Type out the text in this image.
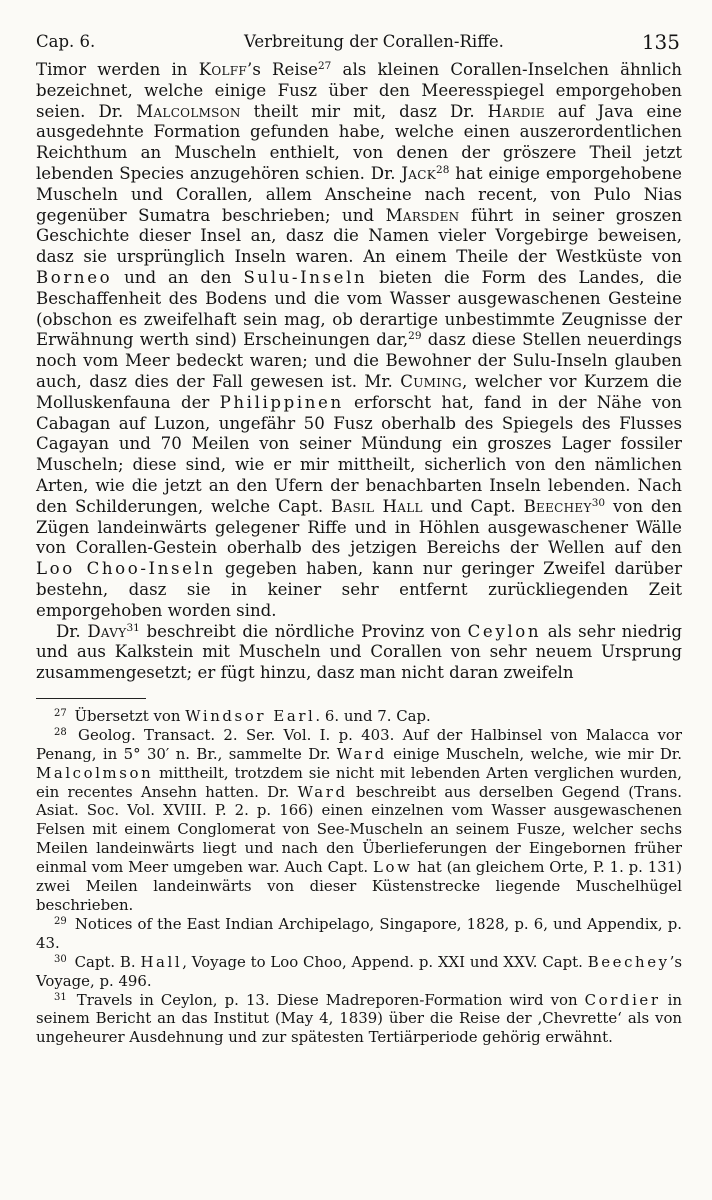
Cap. 6.	Verbreitung der Corallen-Riffe.	135

Timor werden in Kolff’s Reise$^{27}$ als kleinen Corallen-Inselchen ähnlich bezeichnet, welche einige Fusz über den Meeresspiegel emporgehoben seien. Dr. Malcolmson theilt mir mit, dasz Dr. Hardie auf Java eine ausgedehnte Formation gefunden habe, welche einen auszerordentlichen Reichthum an Muscheln enthielt, von denen der gröszere Theil jetzt lebenden Species anzugehören schien. Dr. Jack$^{28}$ hat einige emporgehobene Muscheln und Corallen, allem Anscheine nach recent, von Pulo Nias gegenüber Sumatra beschrieben; und Marsden führt in seiner groszen Geschichte dieser Insel an, dasz die Namen vieler Vorgebirge beweisen, dasz sie ursprünglich Inseln waren. An einem Theile der Westküste von Borneo und an den Sulu-Inseln bieten die Form des Landes, die Beschaffenheit des Bodens und die vom Wasser ausgewaschenen Gesteine (obschon es zweifelhaft sein mag, ob derartige unbestimmte Zeugnisse der Erwähnung werth sind) Erscheinungen dar,$^{29}$ dasz diese Stellen neuerdings noch vom Meer bedeckt waren; und die Bewohner der Sulu-Inseln glauben auch, dasz dies der Fall gewesen ist. Mr. Cuming, welcher vor Kurzem die Molluskenfauna der Philippinen erforscht hat, fand in der Nähe von Cabagan auf Luzon, ungefähr 50 Fusz oberhalb des Spiegels des Flusses Cagayan und 70 Meilen von seiner Mündung ein groszes Lager fossiler Muscheln; diese sind, wie er mir mittheilt, sicherlich von den nämlichen Arten, wie die jetzt an den Ufern der benachbarten Inseln lebenden. Nach den Schilderungen, welche Capt. Basil Hall und Capt. Beechey$^{30}$ von den Zügen landeinwärts gelegener Riffe und in Höhlen ausgewaschener Wälle von Corallen-Gestein oberhalb des jetzigen Bereichs der Wellen auf den Loo Choo-Inseln gegeben haben, kann nur geringer Zweifel darüber bestehn, dasz sie in keiner sehr entfernt zurückliegenden Zeit emporgehoben worden sind.

Dr. Davy$^{31}$ beschreibt die nördliche Provinz von Ceylon als sehr niedrig und aus Kalkstein mit Muscheln und Corallen von sehr neuem Ursprung zusammengesetzt; er fügt hinzu, dasz man nicht daran zweifeln

$^{27}$ Übersetzt von Windsor Earl. 6. und 7. Cap.

$^{28}$ Geolog. Transact. 2. Ser. Vol. I. p. 403. Auf der Halbinsel von Malacca vor Penang, in 5° 30′ n. Br., sammelte Dr. Ward einige Muscheln, welche, wie mir Dr. Malcolmson mittheilt, trotzdem sie nicht mit lebenden Arten verglichen wurden, ein recentes Ansehn hatten. Dr. Ward beschreibt aus derselben Gegend (Trans. Asiat. Soc. Vol. XVIII. P. 2. p. 166) einen einzelnen vom Wasser ausgewaschenen Felsen mit einem Conglomerat von See-Muscheln an seinem Fusze, welcher sechs Meilen landeinwärts liegt und nach den Überlieferungen der Eingebornen früher einmal vom Meer umgeben war. Auch Capt. Low hat (an gleichem Orte, P. 1. p. 131) zwei Meilen landeinwärts von dieser Küstenstrecke liegende Muschelhügel beschrieben.

$^{29}$ Notices of the East Indian Archipelago, Singapore, 1828, p. 6, und Appendix, p. 43.

$^{30}$ Capt. B. Hall, Voyage to Loo Choo, Append. p. XXI und XXV. Capt. Beechey’s Voyage, p. 496.

$^{31}$ Travels in Ceylon, p. 13. Diese Madreporen-Formation wird von Cordier in seinem Bericht an das Institut (May 4, 1839) über die Reise der ‚Chevrette‘ als von ungeheurer Ausdehnung und zur spätesten Tertiärperiode gehörig erwähnt.
